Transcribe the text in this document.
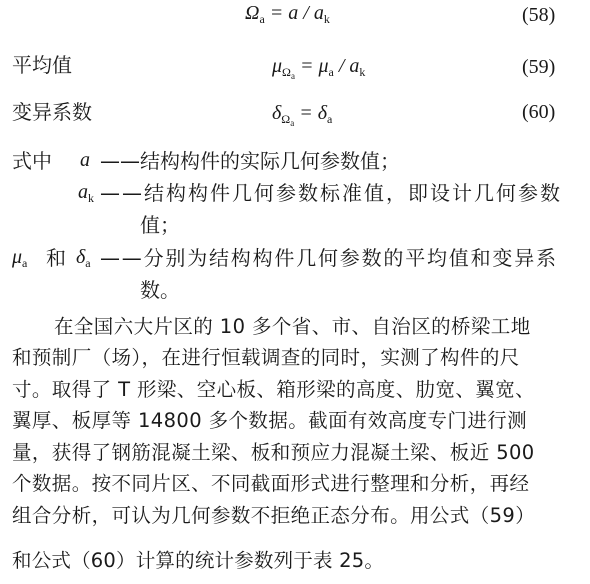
$\Omega_a = a / a_k$	(58)
平均值	$\mu_{\Omega_a} = \mu_a / a_k$	(59)
变异系数	$\delta_{\Omega_a} = \delta_a$	(60)
式中 a ——结构构件的实际几何参数值；
$a_k$ ——结构构件几何参数标准值，即设计几何参数
值；
$\mu_a$ 和 $\delta_a$ ——分别为结构构件几何参数的平均值和变异系
数。
在全国六大片区的 10 多个省、市、自治区的桥梁工地
和预制厂（场），在进行恒载调查的同时，实测了构件的尺
寸。取得了 T 形梁、空心板、箱形梁的高度、肋宽、翼宽、
翼厚、板厚等 14800 多个数据。截面有效高度专门进行测
量，获得了钢筋混凝土梁、板和预应力混凝土梁、板近 500
个数据。按不同片区、不同截面形式进行整理和分析，再经
组合分析，可认为几何参数不拒绝正态分布。用公式（59）
和公式（60）计算的统计参数列于表 25。
